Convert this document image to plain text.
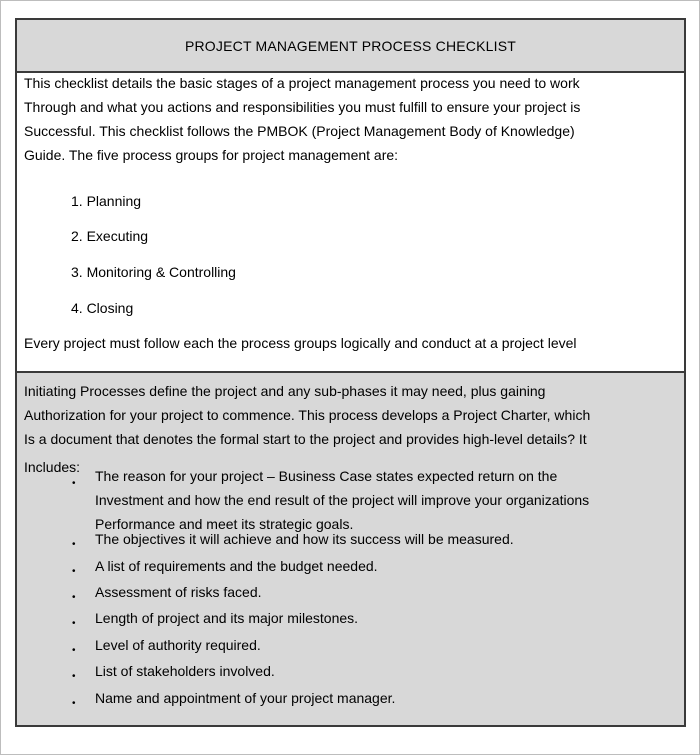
PROJECT MANAGEMENT PROCESS CHECKLIST
This checklist details the basic stages of a project management process you need to work
Through and what you actions and responsibilities you must fulfill to ensure your project is
Successful. This checklist follows the PMBOK (Project Management Body of Knowledge)
Guide. The five process groups for project management are:
1. Planning
2. Executing
3. Monitoring & Controlling
4. Closing
Every project must follow each the process groups logically and conduct at a project level
Initiating Processes define the project and any sub-phases it may need, plus gaining
Authorization for your project to commence. This process develops a Project Charter, which
Is a document that denotes the formal start to the project and provides high-level details? It
Includes:
• The reason for your project – Business Case states expected return on the
Investment and how the end result of the project will improve your organizations
Performance and meet its strategic goals.
• The objectives it will achieve and how its success will be measured.
• A list of requirements and the budget needed.
• Assessment of risks faced.
• Length of project and its major milestones.
• Level of authority required.
• List of stakeholders involved.
• Name and appointment of your project manager.
